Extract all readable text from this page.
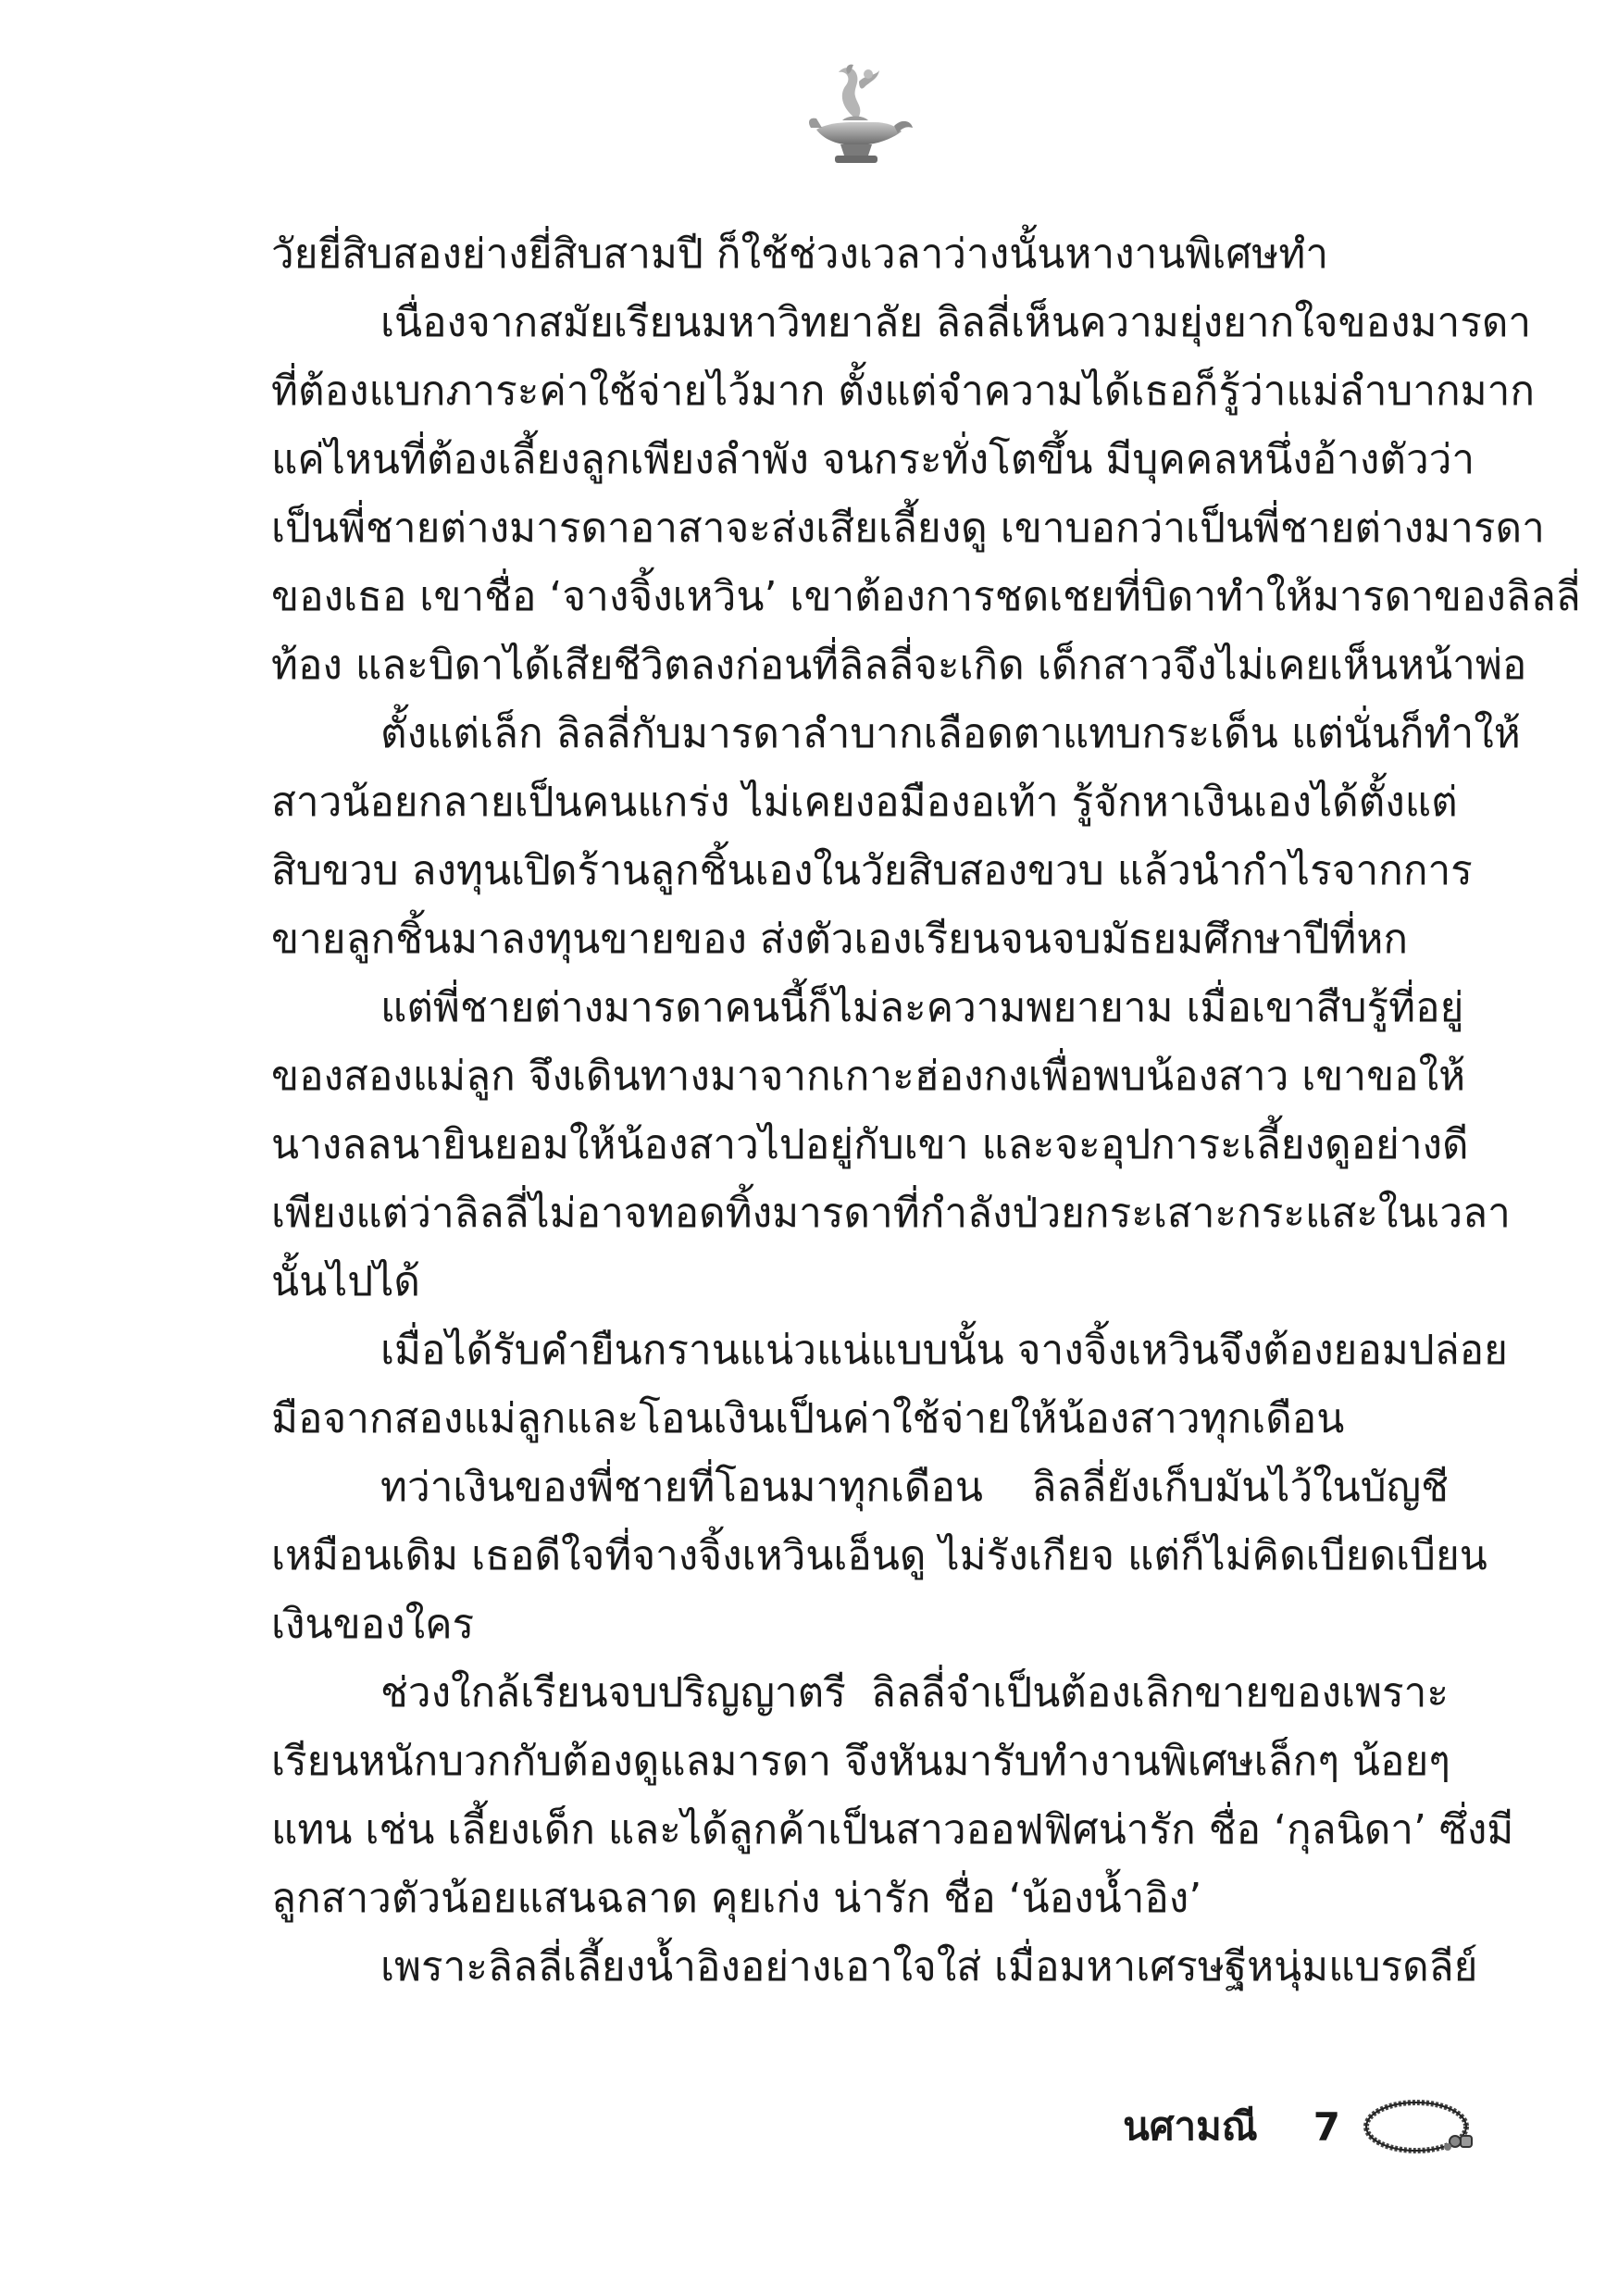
วัยยี่สิบสองย่างยี่สิบสามปี ก็ใช้ช่วงเวลาว่างนั้นหางานพิเศษทำ
เนื่องจากสมัยเรียนมหาวิทยาลัย ลิลลี่เห็นความยุ่งยากใจของมารดา
ที่ต้องแบกภาระค่าใช้จ่ายไว้มาก ตั้งแต่จำความได้เธอก็รู้ว่าแม่ลำบากมาก
แค่ไหนที่ต้องเลี้ยงลูกเพียงลำพัง จนกระทั่งโตขึ้น มีบุคคลหนึ่งอ้างตัวว่า
เป็นพี่ชายต่างมารดาอาสาจะส่งเสียเลี้ยงดู เขาบอกว่าเป็นพี่ชายต่างมารดา
ของเธอ เขาชื่อ ‘จางจิ้งเหวิน’ เขาต้องการชดเชยที่บิดาทำให้มารดาของลิลลี่
ท้อง และบิดาได้เสียชีวิตลงก่อนที่ลิลลี่จะเกิด เด็กสาวจึงไม่เคยเห็นหน้าพ่อ
ตั้งแต่เล็ก ลิลลี่กับมารดาลำบากเลือดตาแทบกระเด็น แต่นั่นก็ทำให้
สาวน้อยกลายเป็นคนแกร่ง ไม่เคยงอมืองอเท้า รู้จักหาเงินเองได้ตั้งแต่
สิบขวบ ลงทุนเปิดร้านลูกชิ้นเองในวัยสิบสองขวบ แล้วนำกำไรจากการ
ขายลูกชิ้นมาลงทุนขายของ ส่งตัวเองเรียนจนจบมัธยมศึกษาปีที่หก
แต่พี่ชายต่างมารดาคนนี้ก็ไม่ละความพยายาม เมื่อเขาสืบรู้ที่อยู่
ของสองแม่ลูก จึงเดินทางมาจากเกาะฮ่องกงเพื่อพบน้องสาว เขาขอให้
นางลลนายินยอมให้น้องสาวไปอยู่กับเขา และจะอุปการะเลี้ยงดูอย่างดี
เพียงแต่ว่าลิลลี่ไม่อาจทอดทิ้งมารดาที่กำลังป่วยกระเสาะกระแสะในเวลา
นั้นไปได้
เมื่อได้รับคำยืนกรานแน่วแน่แบบนั้น จางจิ้งเหวินจึงต้องยอมปล่อย
มือจากสองแม่ลูกและโอนเงินเป็นค่าใช้จ่ายให้น้องสาวทุกเดือน
ทว่าเงินของพี่ชายที่โอนมาทุกเดือน ลิลลี่ยังเก็บมันไว้ในบัญชี
เหมือนเดิม เธอดีใจที่จางจิ้งเหวินเอ็นดู ไม่รังเกียจ แต่ก็ไม่คิดเบียดเบียน
เงินของใคร
ช่วงใกล้เรียนจบปริญญาตรี ลิลลี่จำเป็นต้องเลิกขายของเพราะ
เรียนหนักบวกกับต้องดูแลมารดา จึงหันมารับทำงานพิเศษเล็กๆ น้อยๆ
แทน เช่น เลี้ยงเด็ก และได้ลูกค้าเป็นสาวออฟฟิศน่ารัก ชื่อ ‘กุลนิดา’ ซึ่งมี
ลูกสาวตัวน้อยแสนฉลาด คุยเก่ง น่ารัก ชื่อ ‘น้องน้ำอิง’
เพราะลิลลี่เลี้ยงน้ำอิงอย่างเอาใจใส่ เมื่อมหาเศรษฐีหนุ่มแบรดลีย์
นศามณี 7
